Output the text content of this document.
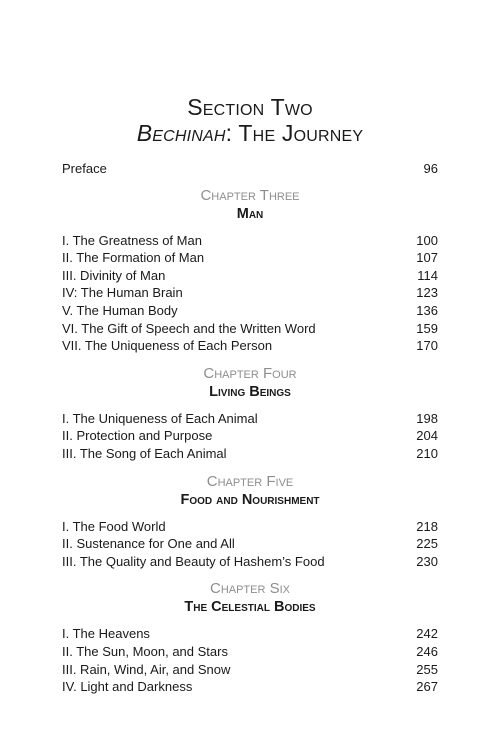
Section Two
Bechinah: The Journey
Preface	96
Chapter Three
Man
I. The Greatness of Man	100
II. The Formation of Man	107
III. Divinity of Man	114
IV: The Human Brain	123
V. The Human Body	136
VI. The Gift of Speech and the Written Word	159
VII. The Uniqueness of Each Person	170
Chapter Four
Living Beings
I. The Uniqueness of Each Animal	198
II. Protection and Purpose	204
III. The Song of Each Animal	210
Chapter Five
Food and Nourishment
I. The Food World	218
II. Sustenance for One and All	225
III. The Quality and Beauty of Hashem’s Food	230
Chapter Six
The Celestial Bodies
I. The Heavens	242
II. The Sun, Moon, and Stars	246
III. Rain, Wind, Air, and Snow	255
IV. Light and Darkness	267
